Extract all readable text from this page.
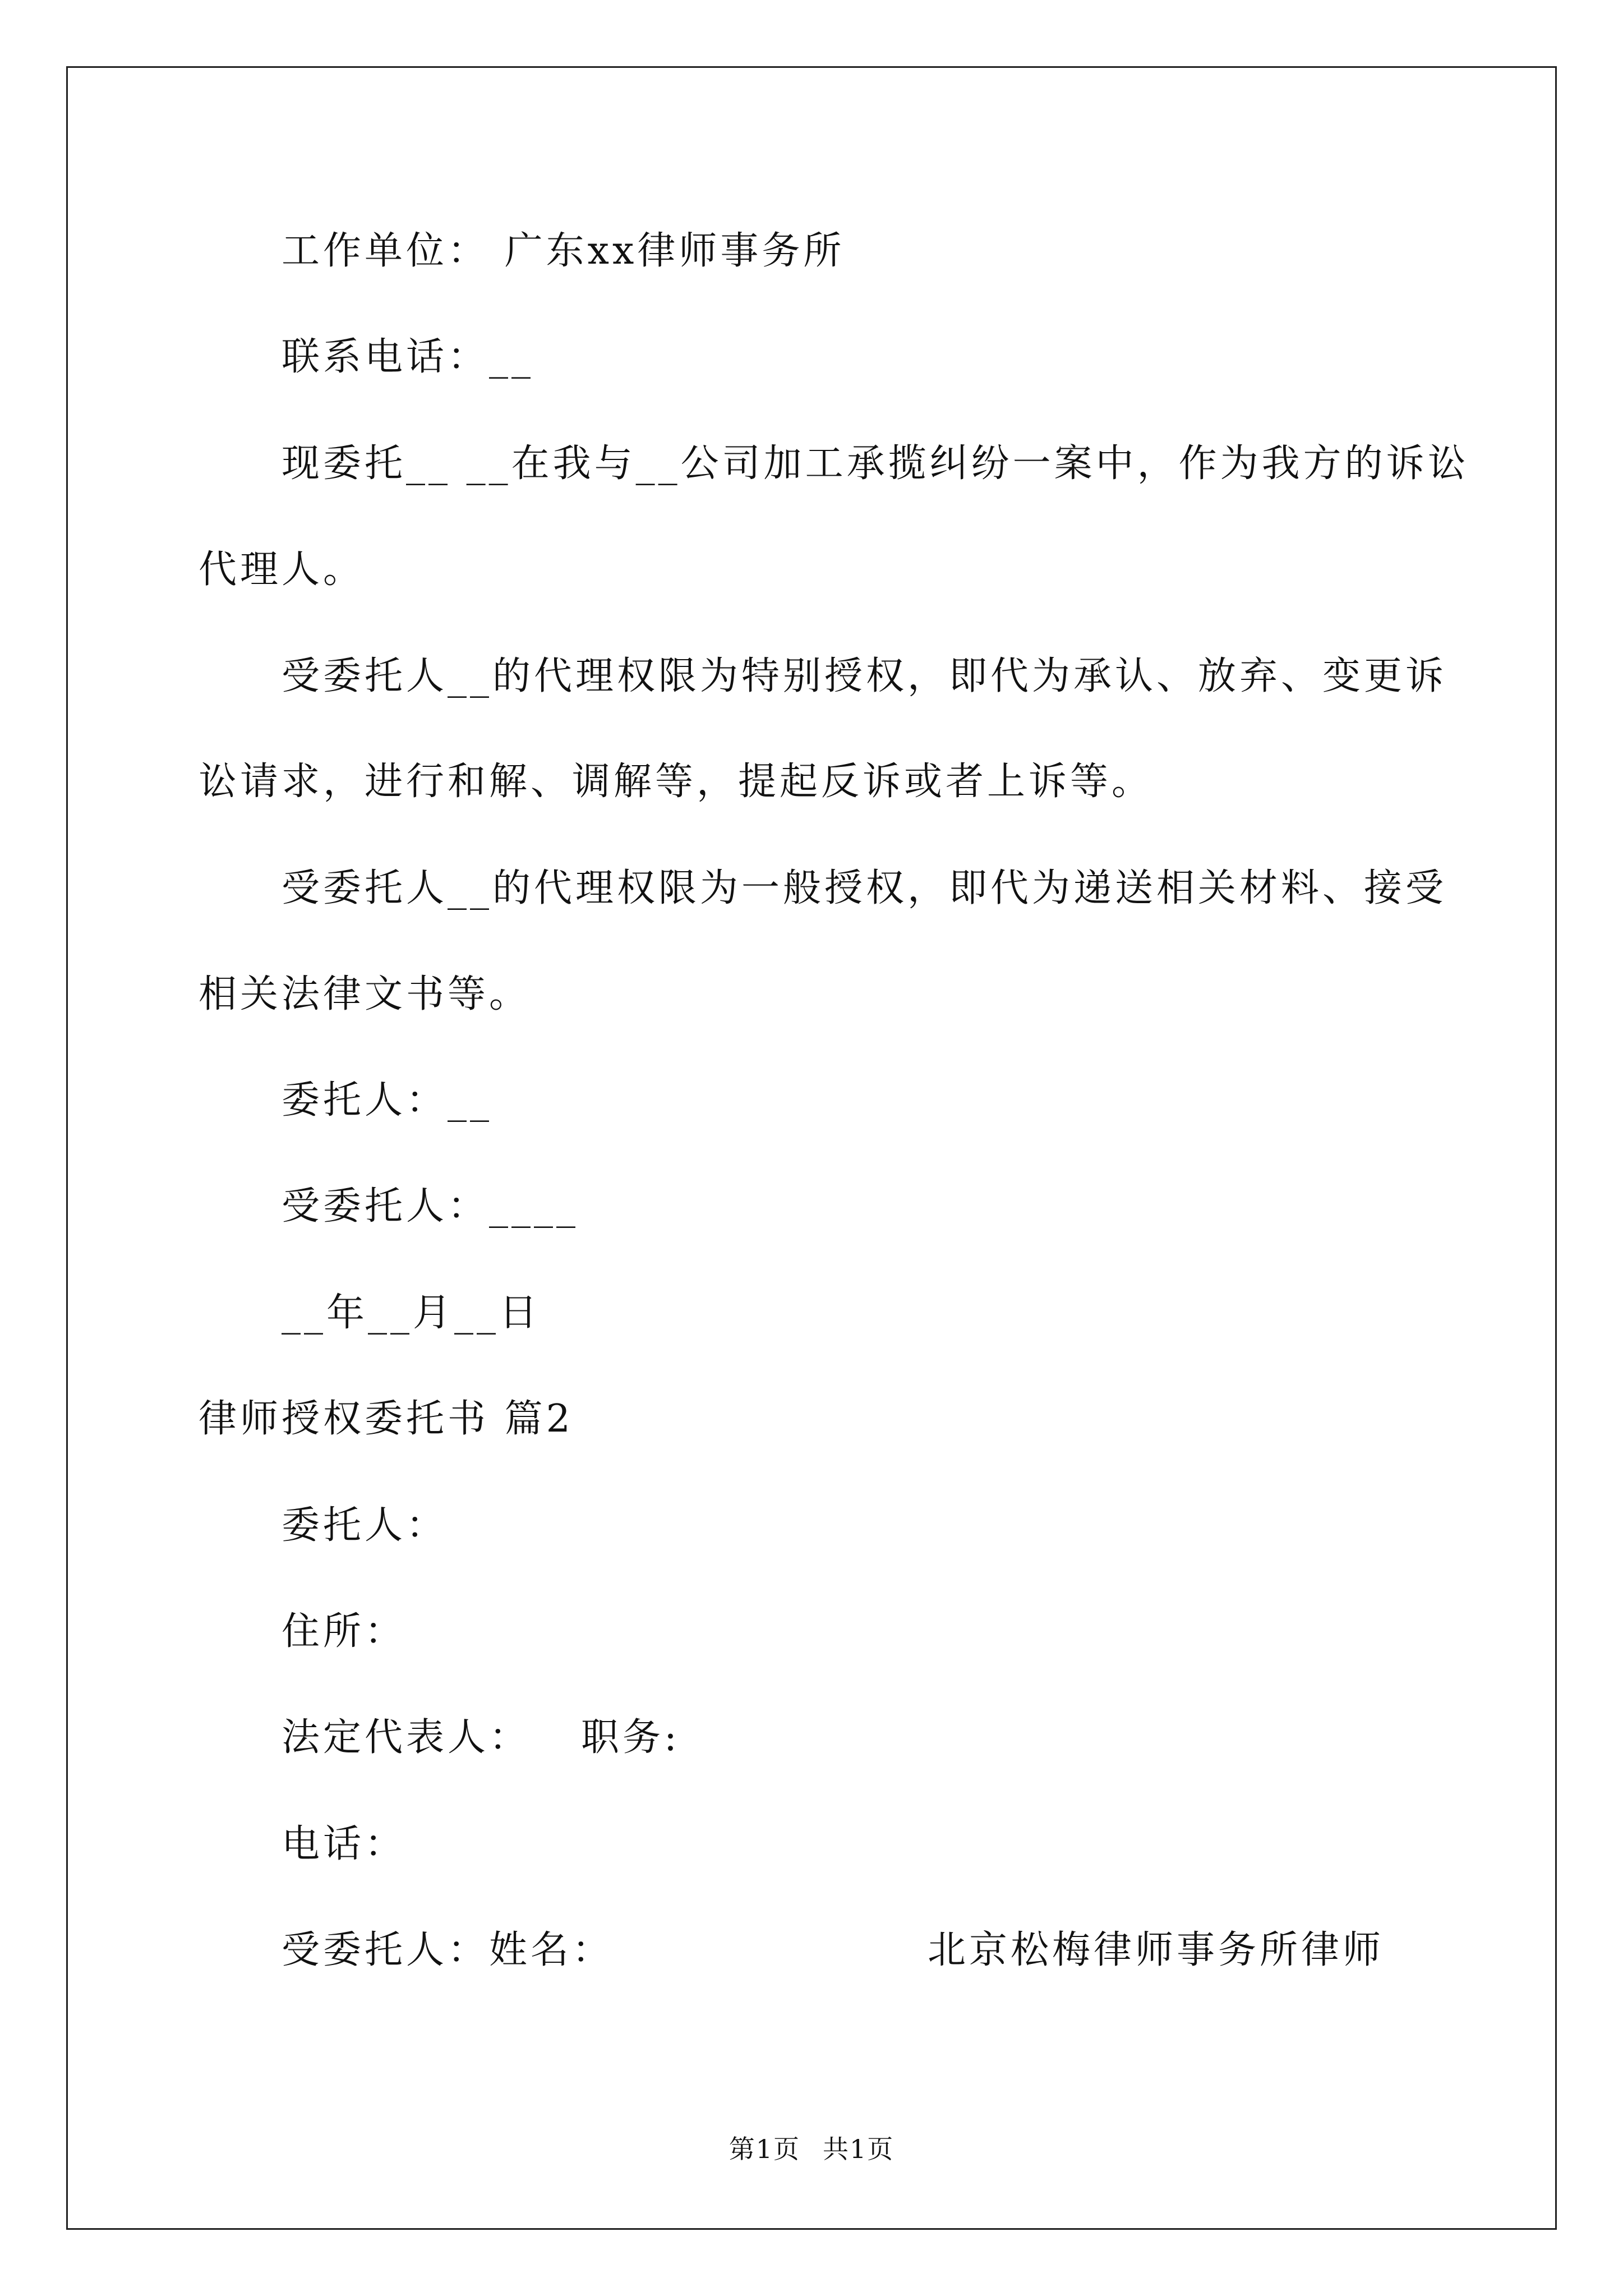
工作单位： 广东xx律师事务所
联系电话：__
现委托__ __在我与__公司加工承揽纠纷一案中，作为我方的诉讼
代理人。
受委托人__的代理权限为特别授权，即代为承认、放弃、变更诉
讼请求，进行和解、调解等，提起反诉或者上诉等。
受委托人__的代理权限为一般授权，即代为递送相关材料、接受
相关法律文书等。
委托人：__
受委托人：____
__年__月__日
律师授权委托书 篇2
委托人：
住所：
法定代表人： 职务:
电话：
受委托人：姓名：	北京松梅律师事务所律师
第1页 共1页
